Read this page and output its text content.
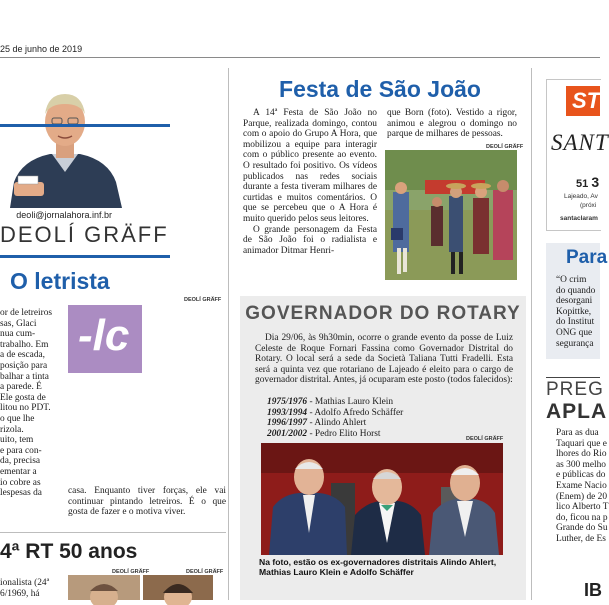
25 de junho de 2019
deoli@jornalahora.inf.br
DEOLÍ GRÄFF
O letrista
DEOLÍ GRÄFF
-lc
or de letreiros
sas, Glaci
nua cum-
trabalho. Em
a de escada,
posição para
balhar a tinta
a parede. É
Ele gosta de
litou no PDT.
o que lhe
rizola.
uito, tem
e para con-
da, precisa
ementar a
io cobre as
lespesas da	casa. Enquanto tiver forças, ele vai continuar pintando letreiros. É o que gosta de fazer e o motiva viver.
4ª RT 50 anos
ionalista (24ª
6/1969, há
DEOLÍ GRÄFF	DEOLÍ GRÄFF
Festa de São João
A 14ª Festa de São João no Parque, realizada domingo, contou com o apoio do Grupo A Hora, que mobilizou a equipe para interagir com o público presente ao evento. O resultado foi positivo. Os vídeos publicados nas redes sociais durante a festa tiveram milhares de curtidas e muitos comentários. O que se percebeu que o A Hora é muito querido pelos seus leitores.
O grande personagem da Festa de São João foi o radialista e animador Ditmar Henri-
que Born (foto). Vestido a rigor, animou e alegrou o domingo no parque de milhares de pessoas.
DEOLÍ GRÄFF
GOVERNADOR DO ROTARY
Dia 29/06, às 9h30min, ocorre o grande evento da posse de Luiz Celeste de Roque Fornari Fassina como Governador Distrital do Rotary. O local será a sede da Società Taliana Tutti Fradelli. Esta será a quinta vez que rotariano de Lajeado é eleito para o cargo de governador distrital. Antes, já ocuparam este posto (todos falecidos):
1975/1976 - Mathias Lauro Klein
1993/1994 - Adolfo Afredo Schäffer
1996/1997 - Alindo Ahlert
2001/2002 - Pedro Elito Horst
DEOLÍ GRÄFF
Na foto, estão os ex-governadores distritais Alindo Ahlert, Mathias Lauro Klein e Adolfo Schäffer
ST
SANT
51 3
Lajeado, Av
(próxi
santaclaram
Para
“O crim
do quando
desorgani
Kopittke,
do Institut
ONG que
segurança
PREG
APLA
Para as dua
Taquari que e
lhores do Rio
as 300 melho
e públicas do
Exame Nacio
(Enem) de 20
lico Alberto T
do, ficou na p
Grande do Su
Luther, de Es
IB
